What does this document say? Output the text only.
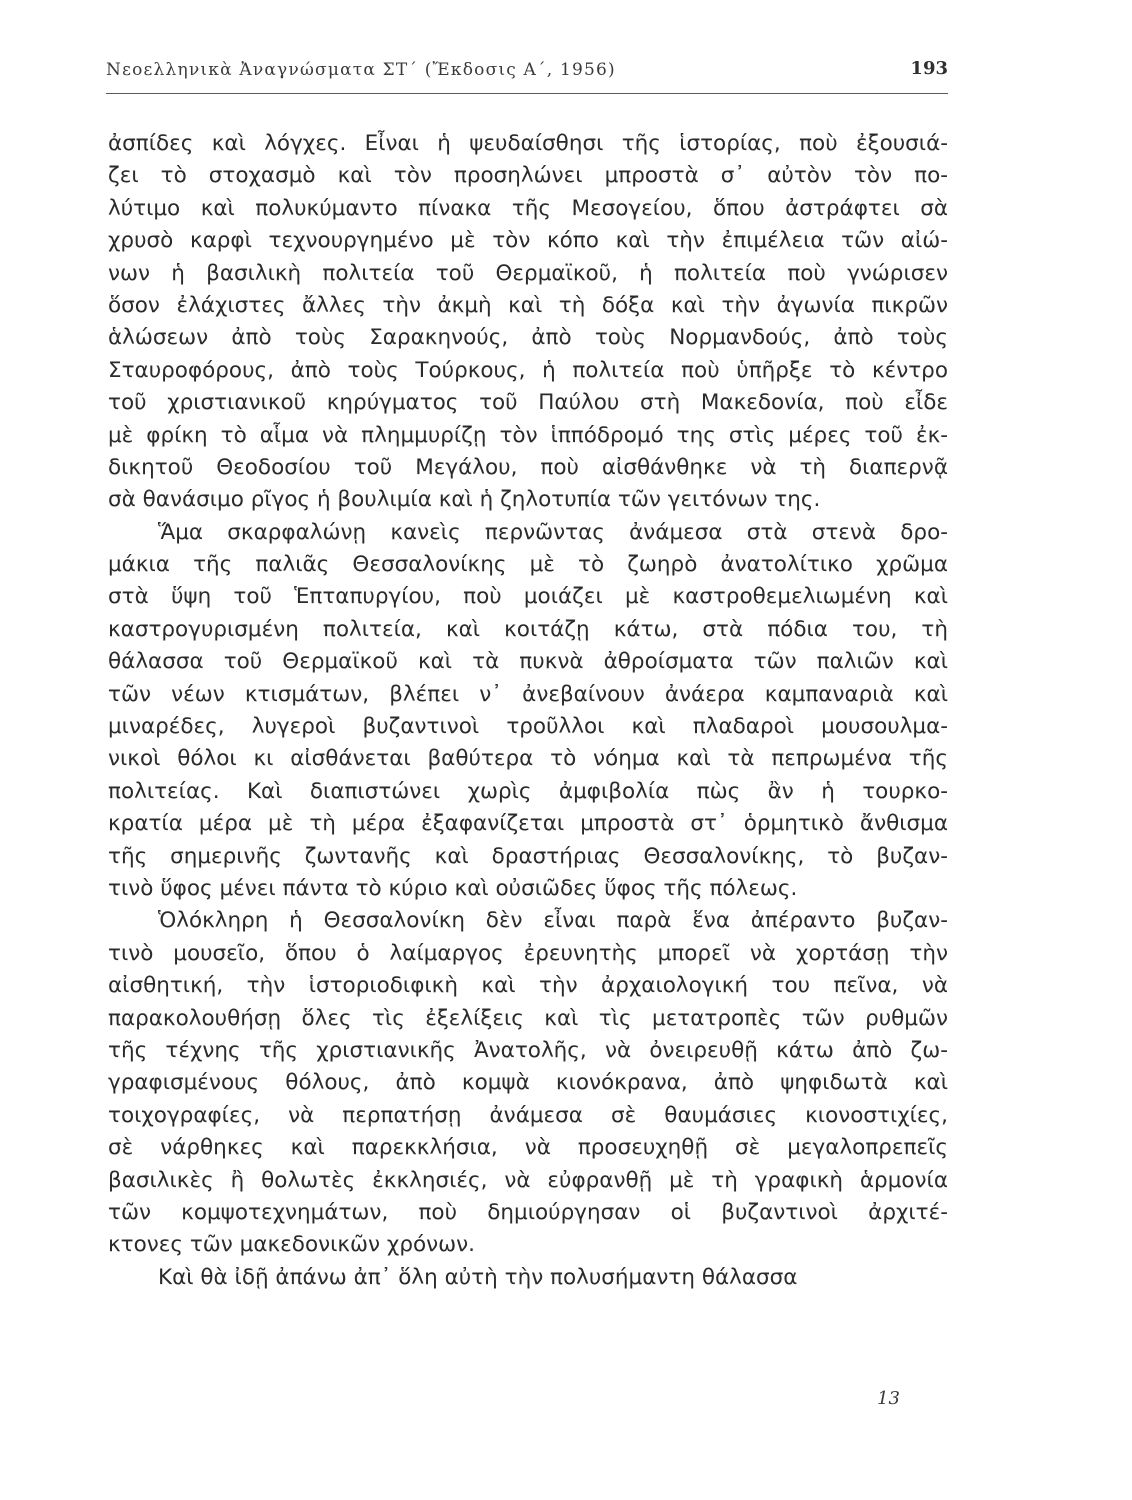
Νεοελληνικὰ Ἀναγνώσματα ΣΤ΄ (Ἔκδοσις Α΄, 1956)	193
ἀσπίδες καὶ λόγχες. Εἶναι ἡ ψευδαίσθησι τῆς ἱστορίας, ποὺ ἐξουσιά-
ζει τὸ στοχασμὸ καὶ τὸν προσηλώνει μπροστὰ σ᾽ αὐτὸν τὸν πο-
λύτιμο καὶ πολυκύμαντο πίνακα τῆς Μεσογείου, ὅπου ἀστράφτει σὰ
χρυσὸ καρφὶ τεχνουργημένο μὲ τὸν κόπο καὶ τὴν ἐπιμέλεια τῶν αἰώ-
νων ἡ βασιλικὴ πολιτεία τοῦ Θερμαϊκοῦ, ἡ πολιτεία ποὺ γνώρισεν
ὅσον ἐλάχιστες ἄλλες τὴν ἀκμὴ καὶ τὴ δόξα καὶ τὴν ἀγωνία πικρῶν
ἁλώσεων ἀπὸ τοὺς Σαρακηνούς, ἀπὸ τοὺς Νορμανδούς, ἀπὸ τοὺς
Σταυροφόρους, ἀπὸ τοὺς Τούρκους, ἡ πολιτεία ποὺ ὑπῆρξε τὸ κέντρο
τοῦ χριστιανικοῦ κηρύγματος τοῦ Παύλου στὴ Μακεδονία, ποὺ εἶδε
μὲ φρίκη τὸ αἷμα νὰ πλημμυρίζῃ τὸν ἱππόδρομό της στὶς μέρες τοῦ ἐκ-
δικητοῦ Θεοδοσίου τοῦ Μεγάλου, ποὺ αἰσθάνθηκε νὰ τὴ διαπερνᾷ
σὰ θανάσιμο ρῖγος ἡ βουλιμία καὶ ἡ ζηλοτυπία τῶν γειτόνων της.
Ἅμα σκαρφαλώνῃ κανεὶς περνῶντας ἀνάμεσα στὰ στενὰ δρο-
μάκια τῆς παλιᾶς Θεσσαλονίκης μὲ τὸ ζωηρὸ ἀνατολίτικο χρῶμα
στὰ ὕψη τοῦ Ἑπταπυργίου, ποὺ μοιάζει μὲ καστροθεμελιωμένη καὶ
καστρογυρισμένη πολιτεία, καὶ κοιτάζῃ κάτω, στὰ πόδια του, τὴ
θάλασσα τοῦ Θερμαϊκοῦ καὶ τὰ πυκνὰ ἀθροίσματα τῶν παλιῶν καὶ
τῶν νέων κτισμάτων, βλέπει ν᾽ ἀνεβαίνουν ἀνάερα καμπαναριὰ καὶ
μιναρέδες, λυγεροὶ βυζαντινοὶ τροῦλλοι καὶ πλαδαροὶ μουσουλμα-
νικοὶ θόλοι κι αἰσθάνεται βαθύτερα τὸ νόημα καὶ τὰ πεπρωμένα τῆς
πολιτείας. Καὶ διαπιστώνει χωρὶς ἀμφιβολία πὼς ἂν ἡ τουρκο-
κρατία μέρα μὲ τὴ μέρα ἐξαφανίζεται μπροστὰ στ᾽ ὁρμητικὸ ἄνθισμα
τῆς σημερινῆς ζωντανῆς καὶ δραστήριας Θεσσαλονίκης, τὸ βυζαν-
τινὸ ὕφος μένει πάντα τὸ κύριο καὶ οὐσιῶδες ὕφος τῆς πόλεως.
Ὁλόκληρη ἡ Θεσσαλονίκη δὲν εἶναι παρὰ ἕνα ἀπέραντο βυζαν-
τινὸ μουσεῖο, ὅπου ὁ λαίμαργος ἐρευνητὴς μπορεῖ νὰ χορτάσῃ τὴν
αἰσθητική, τὴν ἱστοριοδιφικὴ καὶ τὴν ἀρχαιολογική του πεῖνα, νὰ
παρακολουθήσῃ ὅλες τὶς ἐξελίξεις καὶ τὶς μετατροπὲς τῶν ρυθμῶν
τῆς τέχνης τῆς χριστιανικῆς Ἀνατολῆς, νὰ ὀνειρευθῇ κάτω ἀπὸ ζω-
γραφισμένους θόλους, ἀπὸ κομψὰ κιονόκρανα, ἀπὸ ψηφιδωτὰ καὶ
τοιχογραφίες, νὰ περπατήσῃ ἀνάμεσα σὲ θαυμάσιες κιονοστιχίες,
σὲ νάρθηκες καὶ παρεκκλήσια, νὰ προσευχηθῇ σὲ μεγαλοπρεπεῖς
βασιλικὲς ἢ θολωτὲς ἐκκλησιές, νὰ εὐφρανθῇ μὲ τὴ γραφικὴ ἁρμονία
τῶν κομψοτεχνημάτων, ποὺ δημιούργησαν οἱ βυζαντινοὶ ἀρχιτέ-
κτονες τῶν μακεδονικῶν χρόνων.
Καὶ θὰ ἰδῇ ἀπάνω ἀπ᾽ ὅλη αὐτὴ τὴν πολυσήμαντη θάλασσα
13
